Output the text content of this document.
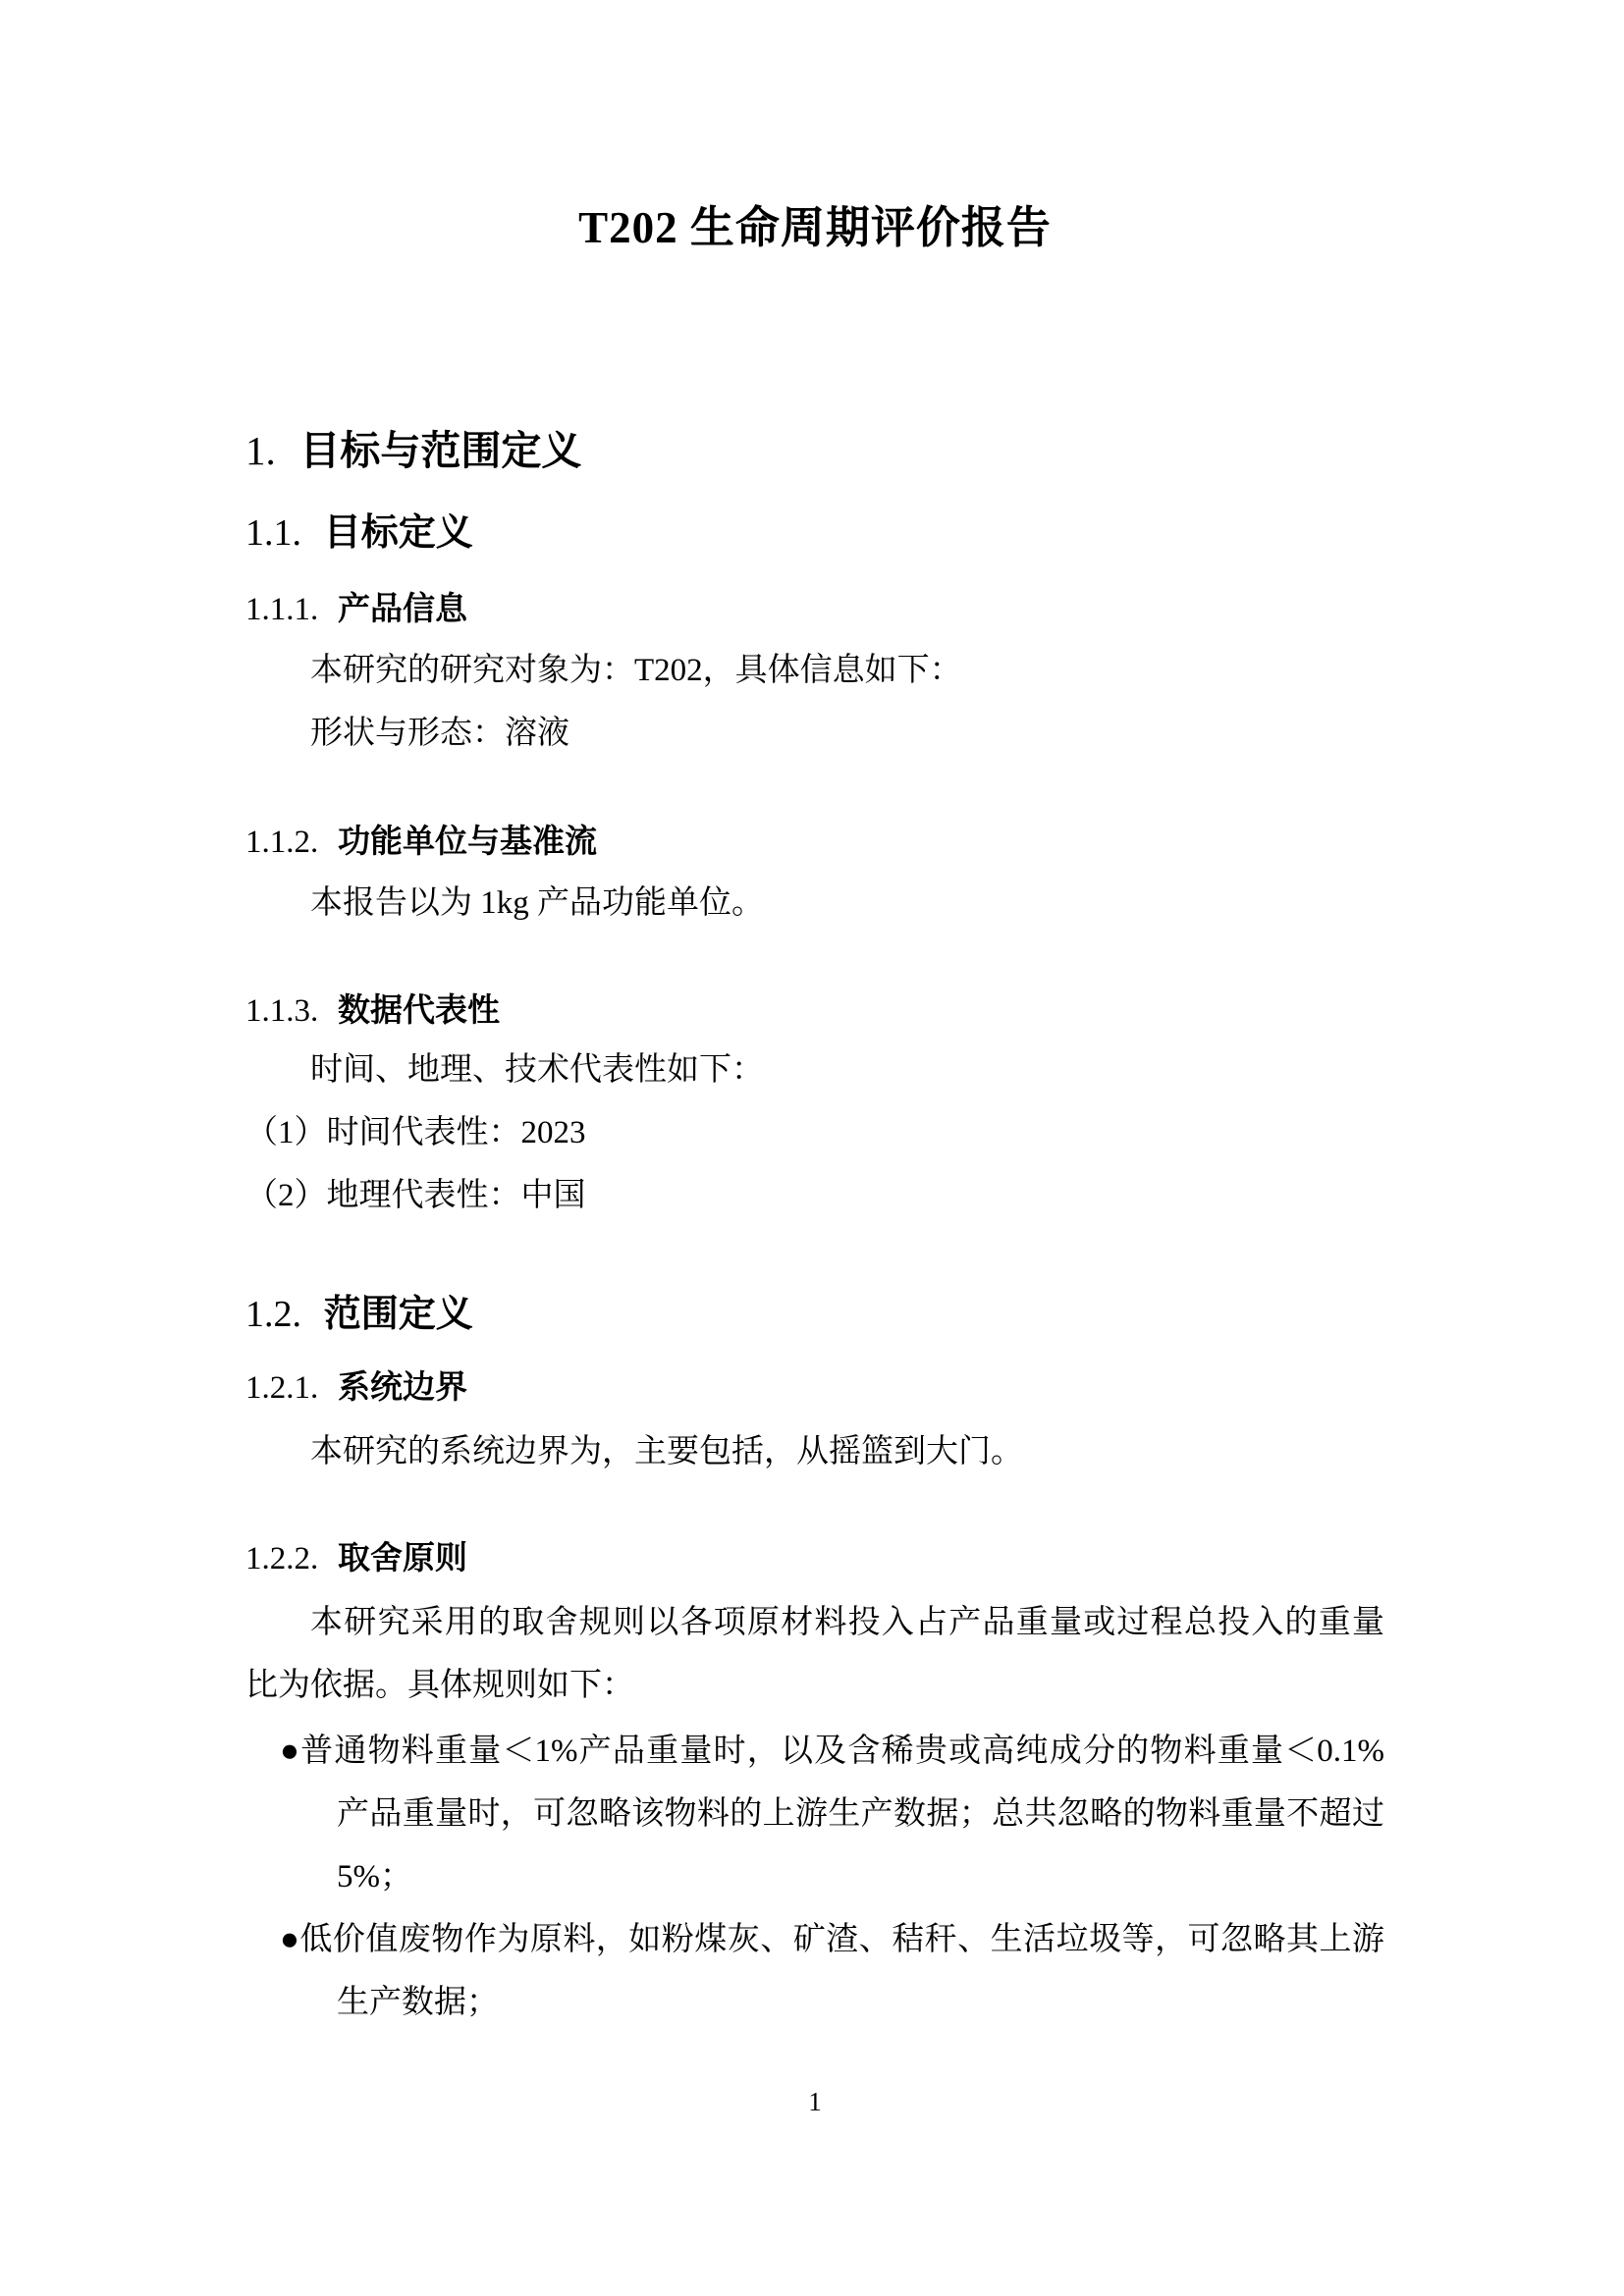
T202 生命周期评价报告
1. 目标与范围定义
1.1. 目标定义
1.1.1. 产品信息
本研究的研究对象为：T202，具体信息如下：
形状与形态：溶液
1.1.2. 功能单位与基准流
本报告以为 1kg 产品功能单位。
1.1.3. 数据代表性
时间、地理、技术代表性如下：
（1）时间代表性：2023
（2）地理代表性：中国
1.2. 范围定义
1.2.1. 系统边界
本研究的系统边界为，主要包括，从摇篮到大门。
1.2.2. 取舍原则
本研究采用的取舍规则以各项原材料投入占产品重量或过程总投入的重量
比为依据。具体规则如下：
●普通物料重量＜1%产品重量时，以及含稀贵或高纯成分的物料重量＜0.1%
产品重量时，可忽略该物料的上游生产数据；总共忽略的物料重量不超过
5%；
●低价值废物作为原料，如粉煤灰、矿渣、秸秆、生活垃圾等，可忽略其上游
生产数据；
1
